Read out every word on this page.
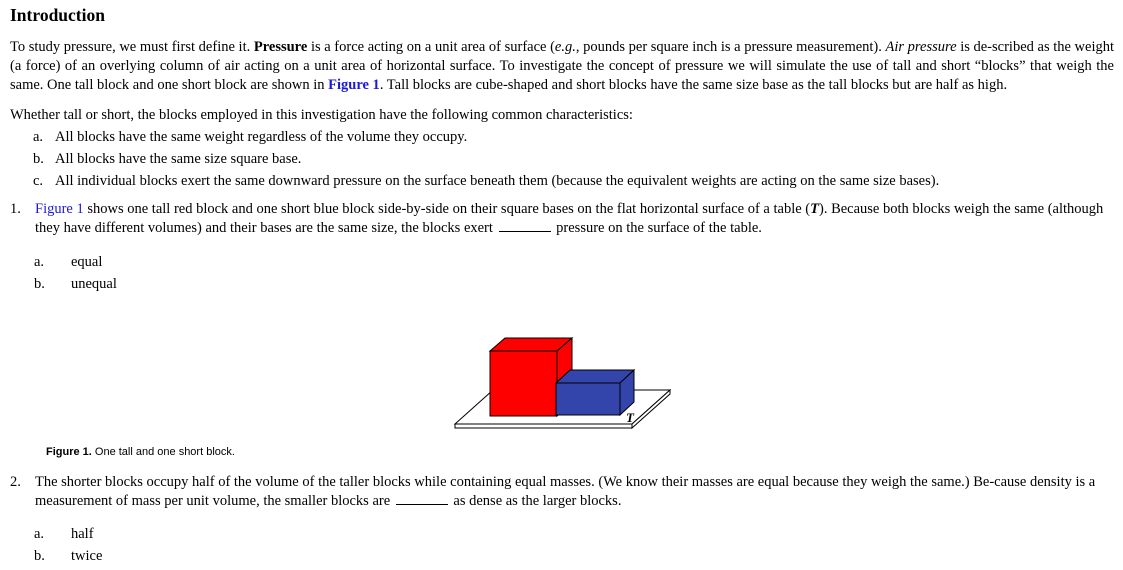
Introduction

To study pressure, we must first define it. Pressure is a force acting on a unit area of surface (e.g., pounds per square inch is a pressure measurement). Air pressure is de-scribed as the weight (a force) of an overlying column of air acting on a unit area of horizontal surface. To investigate the concept of pressure we will simulate the use of tall and short “blocks” that weigh the same. One tall block and one short block are shown in Figure 1. Tall blocks are cube-shaped and short blocks have the same size base as the tall blocks but are half as high.

Whether tall or short, the blocks employed in this investigation have the following common characteristics:

a. All blocks have the same weight regardless of the volume they occupy.
b. All blocks have the same size square base.
c. All individual blocks exert the same downward pressure on the surface beneath them (because the equivalent weights are acting on the same size bases).
1. Figure 1 shows one tall red block and one short blue block side-by-side on their square bases on the flat horizontal surface of a table (T). Because both blocks weigh the same (although they have different volumes) and their bases are the same size, the blocks exert	pressure on the surface of the table.

a.	equal
b.	unequal
T
Figure 1. One tall and one short block.
2. The shorter blocks occupy half of the volume of the taller blocks while containing equal masses. (We know their masses are equal because they weigh the same.) Be-cause density is a measurement of mass per unit volume, the smaller blocks are	as dense as the larger blocks.

a.	half
b.	twice
